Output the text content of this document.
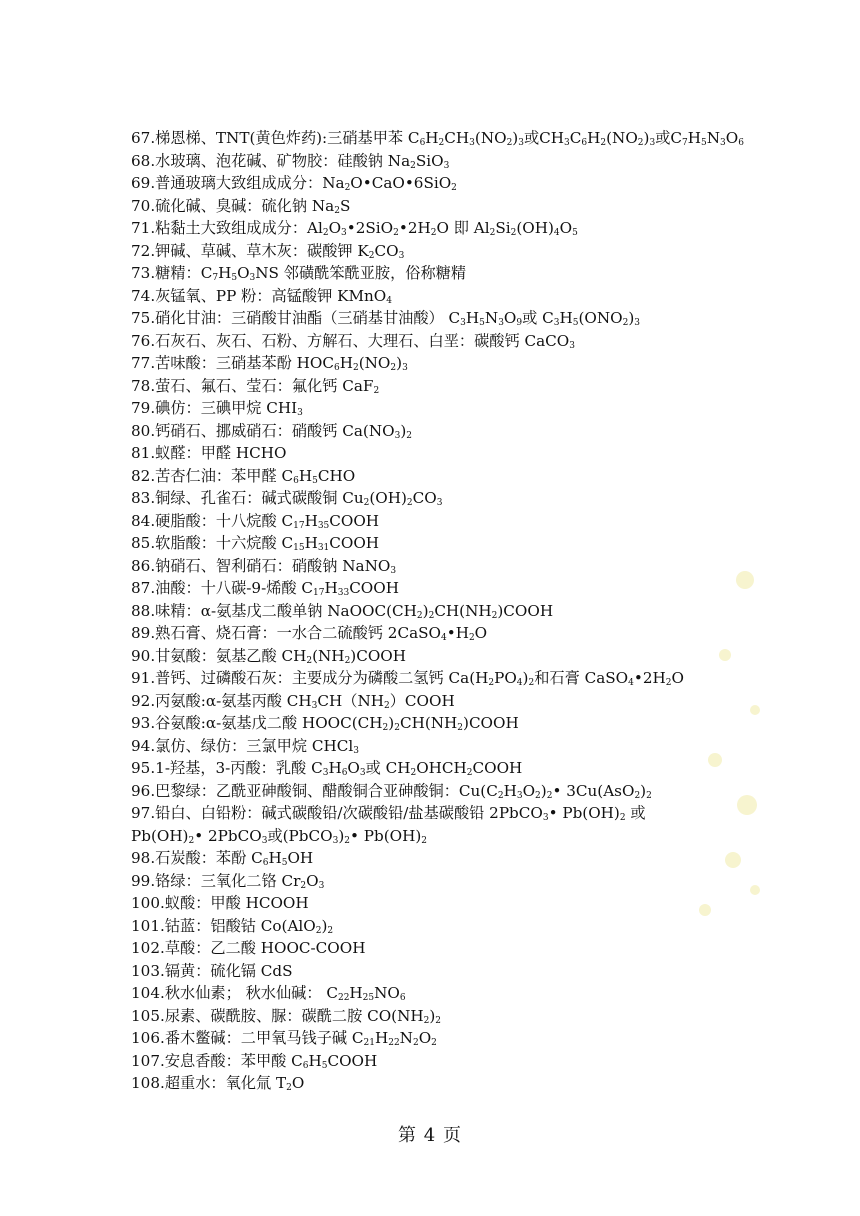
67.梯恩梯、TNT(黄色炸药):三硝基甲苯 $C_6H_2CH_3(NO_2)_3$或$CH_3C_6H_2(NO_2)_3$或$C_7H_5N_3O_6$
68.水玻璃、泡花碱、矿物胶：硅酸钠 $Na_2SiO_3$
69.普通玻璃大致组成成分：$Na_2O•CaO•6SiO_2$
70.硫化碱、臭碱：硫化钠 $Na_2S$
71.粘黏土大致组成成分：$Al_2O_3•2SiO_2•2H_2O$ 即 $Al_2Si_2(OH)_4O_5$
72.钾碱、草碱、草木灰：碳酸钾 $K_2CO_3$
73.糖精：$C_7H_5O_3NS$ 邻磺酰笨酰亚胺，俗称糖精
74.灰锰氧、PP 粉：高锰酸钾 KMnO$_4$
75.硝化甘油：三硝酸甘油酯（三硝基甘油酸） $C_3H_5N_3O_9$或 $C_3H_5(ONO_2)_3$
76.石灰石、灰石、石粉、方解石、大理石、白垩：碳酸钙 CaCO$_3$
77.苦味酸：三硝基苯酚 $HOC_6H_2(NO_2)_3$
78.萤石、氟石、莹石：氟化钙 CaF$_2$
79.碘仿：三碘甲烷 $CHI_3$
80.钙硝石、挪威硝石：硝酸钙 $Ca(NO_3)_2$
81.蚁醛：甲醛 HCHO
82.苦杏仁油：苯甲醛 $C_6H_5CHO$
83.铜绿、孔雀石：碱式碳酸铜 $Cu_2(OH)_2CO_3$
84.硬脂酸：十八烷酸 $C_{17}H_{35}COOH$
85.软脂酸：十六烷酸 $C_{15}H_{31}COOH$
86.钠硝石、智利硝石：硝酸钠 NaNO$_3$
87.油酸：十八碳-9-烯酸 $C_{17}H_{33}COOH$
88.味精：α-氨基戊二酸单钠 $NaOOC(CH_2)_2CH(NH_2)COOH$
89.熟石膏、烧石膏：一水合二硫酸钙 $2CaSO_4•H_2O$
90.甘氨酸：氨基乙酸 $CH_2(NH_2)COOH$
91.普钙、过磷酸石灰：主要成分为磷酸二氢钙 $Ca(H_2PO_4)_2$和石膏 $CaSO_4•2H_2O$
92.丙氨酸:α-氨基丙酸 $CH_3CH(NH_2)COOH$
93.谷氨酸:α-氨基戊二酸 $HOOC(CH_2)_2CH(NH_2)COOH$
94.氯仿、绿仿：三氯甲烷 CHCl$_3$
95.1-羟基，3-丙酸：乳酸 $C_3H_6O_3$或 $CH_2OHCH_2COOH$
96.巴黎绿：乙酰亚砷酸铜、醋酸铜合亚砷酸铜：$Cu(C_2H_3O_2)_2•$ $3Cu(AsO_2)_2$
97.铅白、白铅粉：碱式碳酸铅/次碳酸铅/盐基碳酸铅 2PbCO$_3$• $Pb(OH)_2$ 或
$Pb(OH)_2•$ 2PbCO$_3$或$(PbCO_3)_2•$ $Pb(OH)_2$
98.石炭酸：苯酚 $C_6H_5OH$
99.铬绿：三氧化二铬 $Cr_2O_3$
100.蚁酸：甲酸 HCOOH
101.钴蓝：铝酸钴 $Co(AlO_2)_2$
102.草酸：乙二酸 HOOC-COOH
103.镉黄：硫化镉 CdS
104.秋水仙素； 秋水仙碱： $C_{22}H_{25}NO_6$
105.尿素、碳酰胺、脲：碳酰二胺 $CO(NH_2)_2$
106.番木鳖碱：二甲氧马钱子碱 $C_{21}H_{22}N_2O_2$
107.安息香酸：苯甲酸 $C_6H_5COOH$
108.超重水：氧化氚 $T_2O$
第 4 页
